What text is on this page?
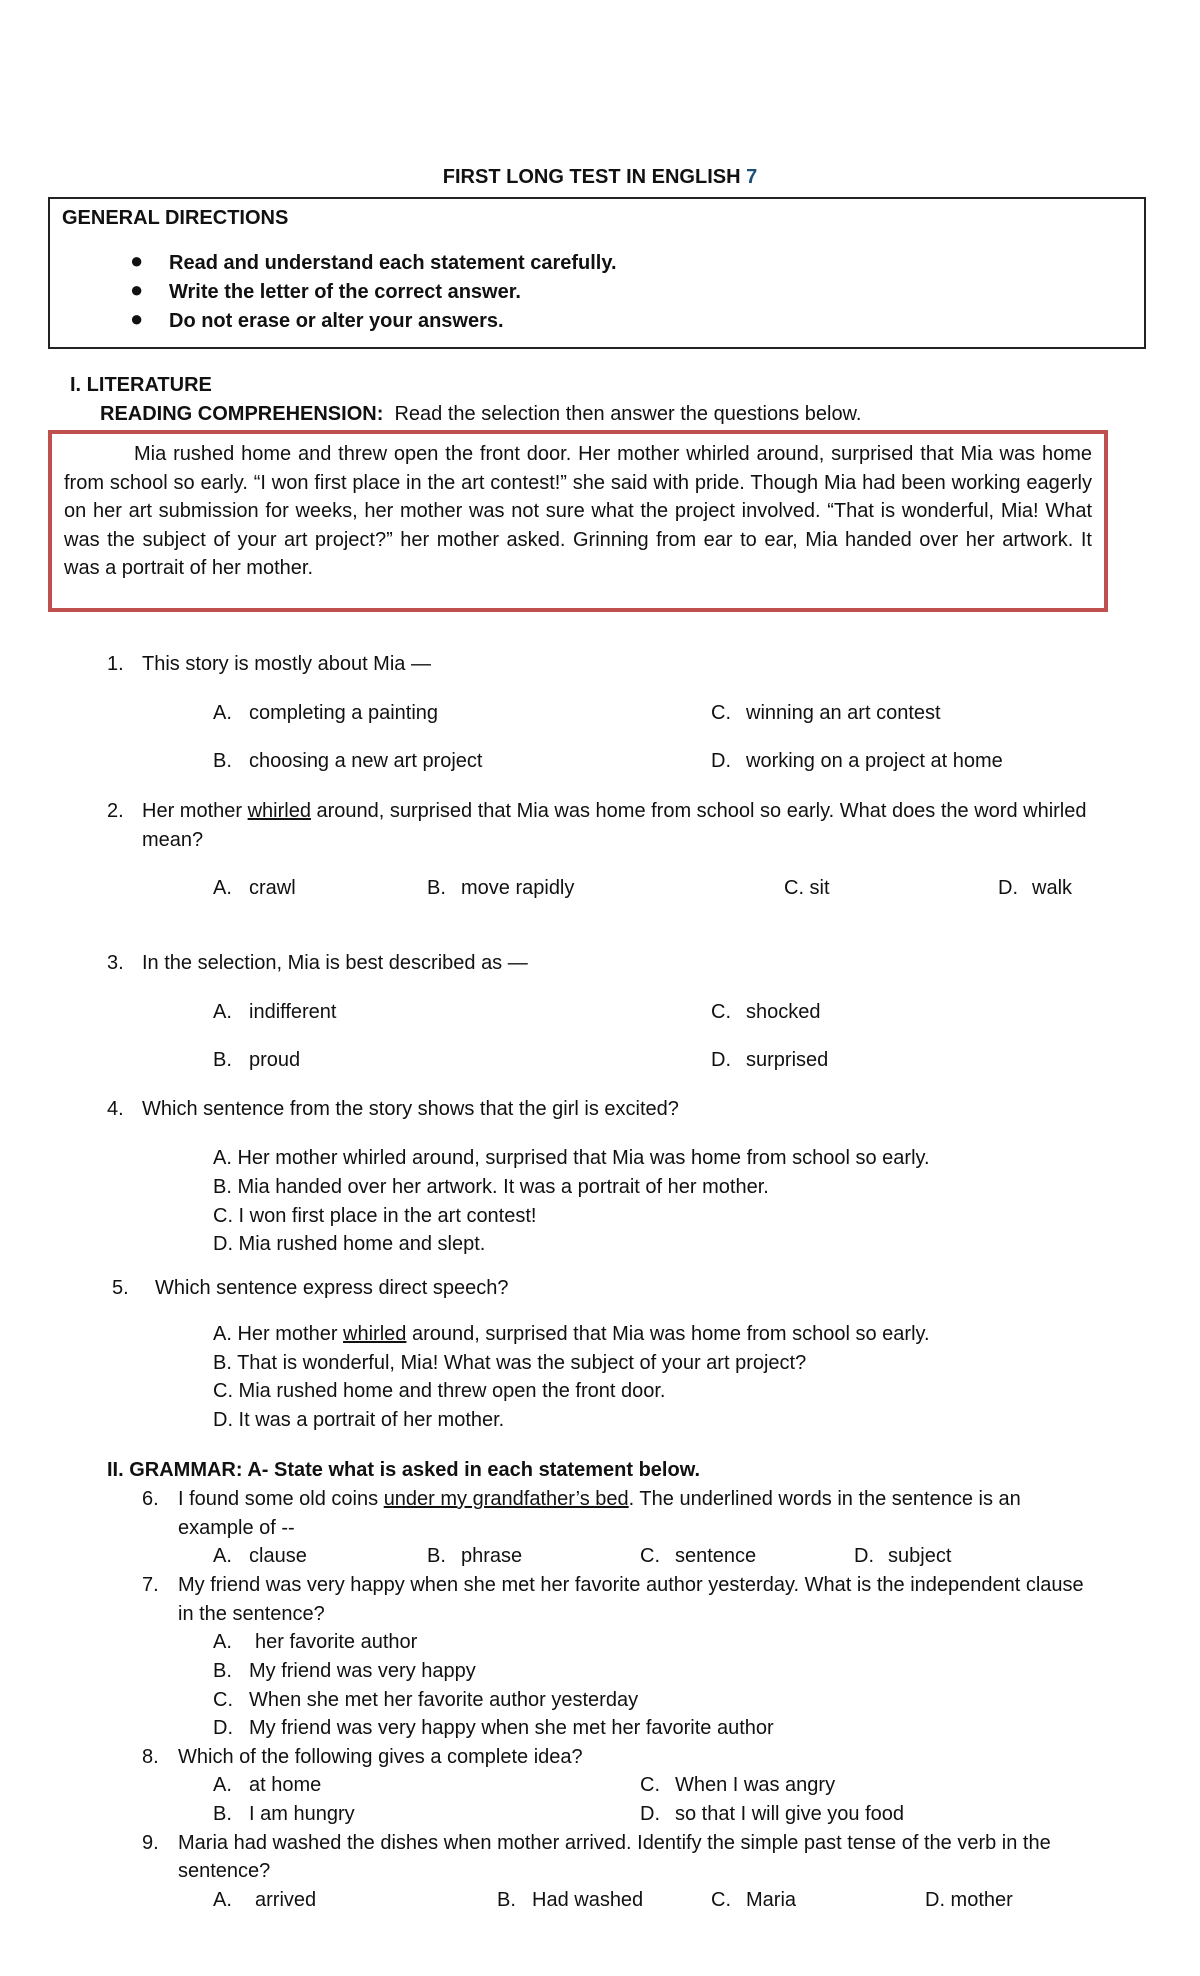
FIRST LONG TEST IN ENGLISH 7
GENERAL DIRECTIONS
● Read and understand each statement carefully.
● Write the letter of the correct answer.
● Do not erase or alter your answers.
I. LITERATURE
READING COMPREHENSION: Read the selection then answer the questions below.

Mia rushed home and threw open the front door. Her mother whirled around, surprised that Mia was home from school so early. “I won first place in the art contest!” she said with pride. Though Mia had been working eagerly on her art submission for weeks, her mother was not sure what the project involved. “That is wonderful, Mia! What was the subject of your art project?” her mother asked. Grinning from ear to ear, Mia handed over her artwork. It was a portrait of her mother.

1. This story is mostly about Mia —
A. completing a painting
B. choosing a new art project
C. winning an art contest
D. working on a project at home
2. Her mother whirled around, surprised that Mia was home from school so early. What does the word whirled
mean?
A. crawl	B. move rapidly	C. sit	D. walk
3. In the selection, Mia is best described as —
A. indifferent
B. proud
C. shocked
D. surprised
4. Which sentence from the story shows that the girl is excited?
A. Her mother whirled around, surprised that Mia was home from school so early.
B. Mia handed over her artwork. It was a portrait of her mother.
C. I won first place in the art contest!
D. Mia rushed home and slept.
5. Which sentence express direct speech?
A. Her mother whirled around, surprised that Mia was home from school so early.
B. That is wonderful, Mia! What was the subject of your art project?
C. Mia rushed home and threw open the front door.
D. It was a portrait of her mother.
II. GRAMMAR: A- State what is asked in each statement below.
6. I found some old coins under my grandfather’s bed. The underlined words in the sentence is an
example of --
A. clause	B. phrase	C. sentence	D. subject
7. My friend was very happy when she met her favorite author yesterday. What is the independent clause
in the sentence?
A. her favorite author
B. My friend was very happy
C. When she met her favorite author yesterday
D. My friend was very happy when she met her favorite author
8. Which of the following gives a complete idea?
A. at home
B. I am hungry
C. When I was angry
D. so that I will give you food
9. Maria had washed the dishes when mother arrived. Identify the simple past tense of the verb in the
sentence?
A. arrived	B. Had washed	C. Maria	D. mother
